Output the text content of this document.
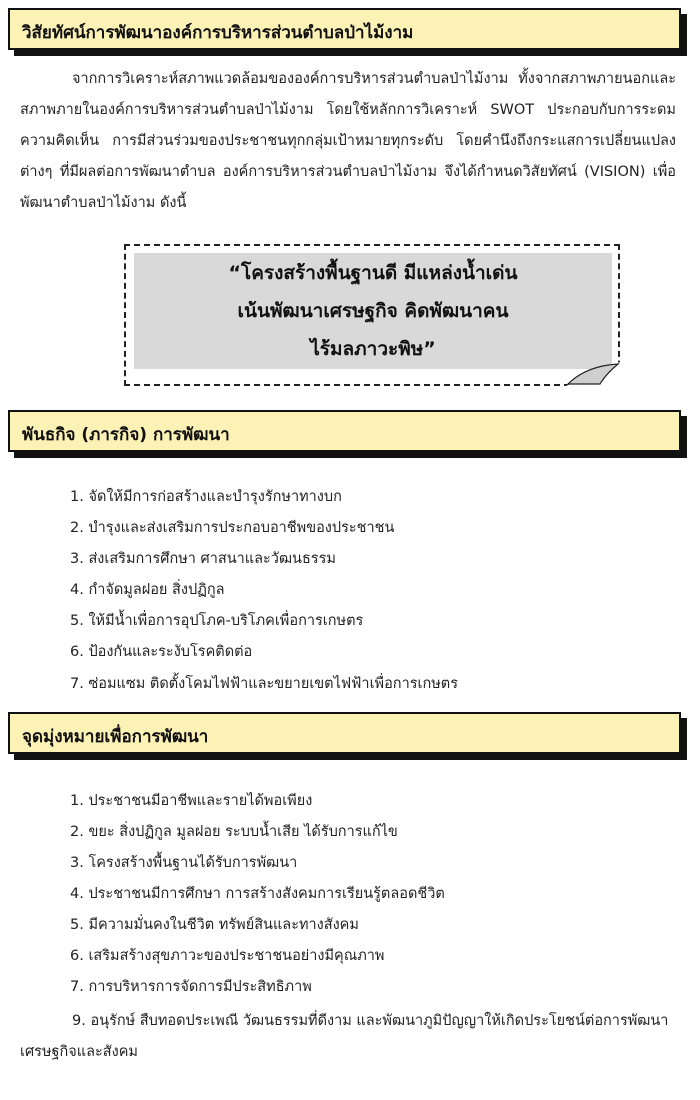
วิสัยทัศน์การพัฒนาองค์การบริหารส่วนตำบลป่าไม้งาม

จากการวิเคราะห์สภาพแวดล้อมขององค์การบริหารส่วนตำบลป่าไม้งาม ทั้งจากสภาพภายนอกและสภาพภายในองค์การบริหารส่วนตำบลป่าไม้งาม โดยใช้หลักการวิเคราะห์ SWOT ประกอบกับการระดมความคิดเห็น การมีส่วนร่วมของประชาชนทุกกลุ่มเป้าหมายทุกระดับ โดยคำนึงถึงกระแสการเปลี่ยนแปลงต่างๆ ที่มีผลต่อการพัฒนาตำบล องค์การบริหารส่วนตำบลป่าไม้งาม จึงได้กำหนดวิสัยทัศน์ (VISION) เพื่อพัฒนาตำบลป่าไม้งาม ดังนี้

“โครงสร้างพื้นฐานดี มีแหล่งน้ำเด่น
เน้นพัฒนาเศรษฐกิจ คิดพัฒนาคน
ไร้มลภาวะพิษ”
พันธกิจ (ภารกิจ) การพัฒนา
1. จัดให้มีการก่อสร้างและบำรุงรักษาทางบก
2. บำรุงและส่งเสริมการประกอบอาชีพของประชาชน
3. ส่งเสริมการศึกษา ศาสนาและวัฒนธรรม
4. กำจัดมูลฝอย สิ่งปฏิกูล
5. ให้มีน้ำเพื่อการอุปโภค-บริโภคเพื่อการเกษตร
6. ป้องกันและระงับโรคติดต่อ
7. ซ่อมแซม ติดตั้งโคมไฟฟ้าและขยายเขตไฟฟ้าเพื่อการเกษตร
จุดมุ่งหมายเพื่อการพัฒนา
1. ประชาชนมีอาชีพและรายได้พอเพียง
2. ขยะ สิ่งปฏิกูล มูลฝอย ระบบน้ำเสีย ได้รับการแก้ไข
3. โครงสร้างพื้นฐานได้รับการพัฒนา
4. ประชาชนมีการศึกษา การสร้างสังคมการเรียนรู้ตลอดชีวิต
5. มีความมั่นคงในชีวิต ทรัพย์สินและทางสังคม
6. เสริมสร้างสุขภาวะของประชาชนอย่างมีคุณภาพ
7. การบริหารการจัดการมีประสิทธิภาพ

9. อนุรักษ์ สืบทอดประเพณี วัฒนธรรมที่ดีงาม และพัฒนาภูมิปัญญาให้เกิดประโยชน์ต่อการพัฒนาเศรษฐกิจและสังคม
